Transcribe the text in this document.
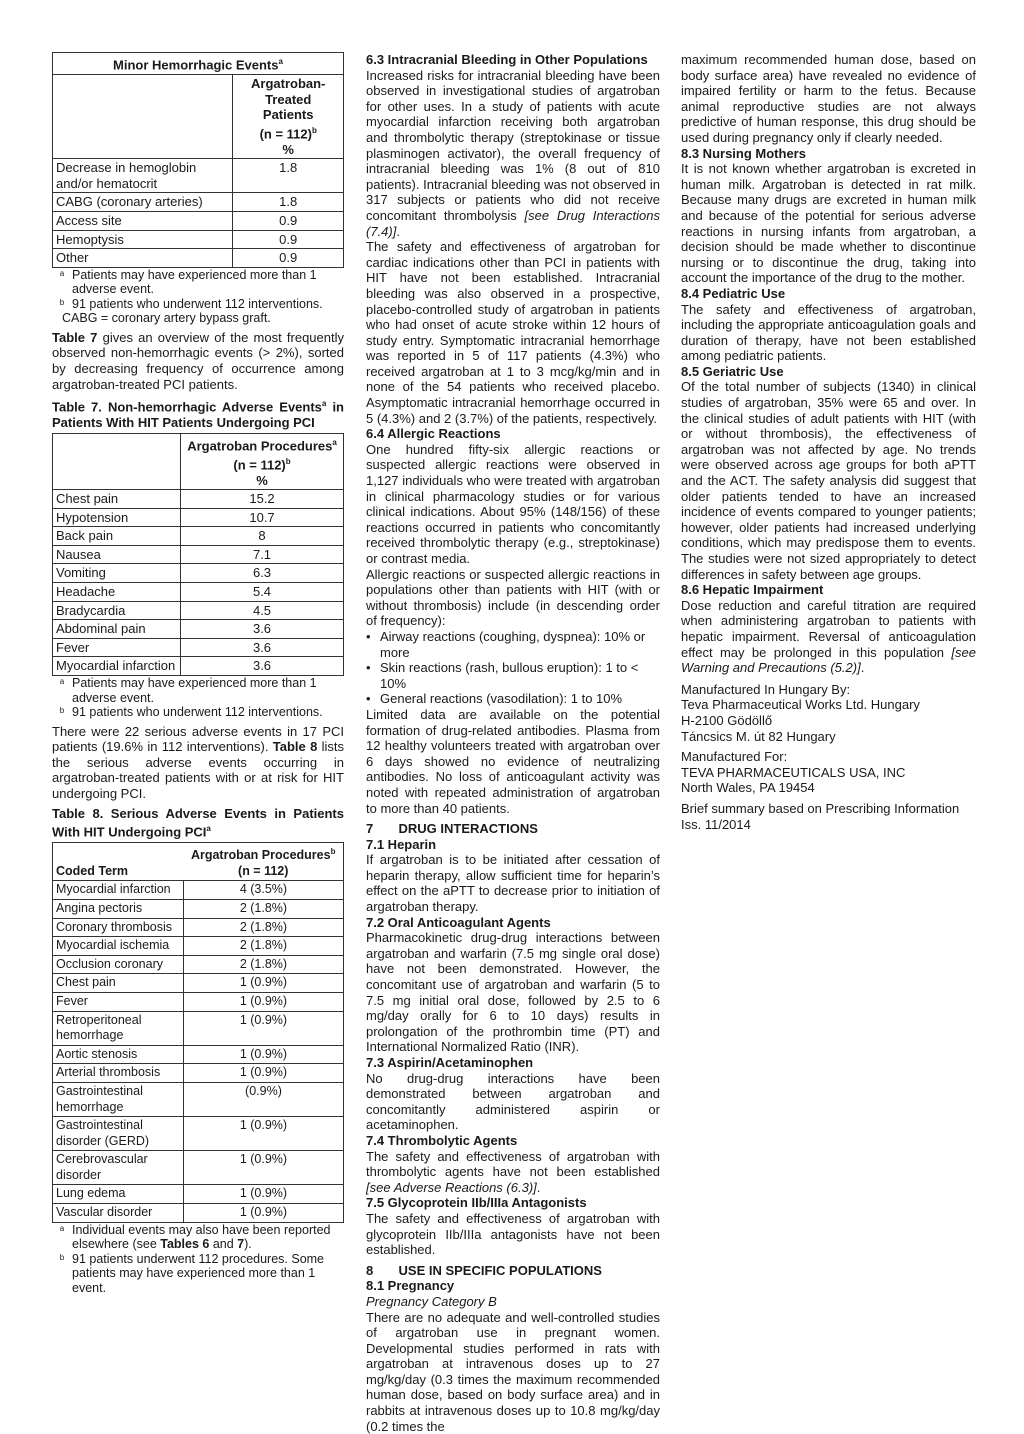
Minor Hemorrhagic Events$^a$

	Argatroban-Treated
Patients
(n = 112)$^b$
%

Decrease in hemoglobin and/or hematocrit	1.8
CABG (coronary arteries)	1.8
Access site	0.9
Hemoptysis	0.9
Other	0.9
a Patients may have experienced more than 1 adverse event.
b 91 patients who underwent 112 interventions.
CABG = coronary artery bypass graft.

Table 7 gives an overview of the most frequently observed non-hemorrhagic events (> 2%), sorted by decreasing frequency of occurrence among argatroban-treated PCI patients.

Table 7. Non-hemorrhagic Adverse Events$^a$ in Patients With HIT Patients Undergoing PCI

	Argatroban Procedures$^a$
(n = 112)$^b$
%

Chest pain	15.2
Hypotension	10.7
Back pain	8
Nausea	7.1
Vomiting	6.3
Headache	5.4
Bradycardia	4.5
Abdominal pain	3.6
Fever	3.6
Myocardial infarction	3.6
a Patients may have experienced more than 1 adverse event.
b 91 patients who underwent 112 interventions.

There were 22 serious adverse events in 17 PCI patients (19.6% in 112 interventions). Table 8 lists the serious adverse events occurring in argatroban-treated patients with or at risk for HIT undergoing PCI.

Table 8. Serious Adverse Events in Patients With HIT Undergoing PCI$^a$

Coded Term	Argatroban Procedures$^b$
(n = 112)

Myocardial infarction	4 (3.5%)
Angina pectoris	2 (1.8%)
Coronary thrombosis	2 (1.8%)
Myocardial ischemia	2 (1.8%)
Occlusion coronary	2 (1.8%)
Chest pain	1 (0.9%)
Fever	1 (0.9%)
Retroperitoneal hemorrhage	1 (0.9%)
Aortic stenosis	1 (0.9%)
Arterial thrombosis	1 (0.9%)
Gastrointestinal hemorrhage	(0.9%)
Gastrointestinal disorder (GERD)	1 (0.9%)
Cerebrovascular disorder	1 (0.9%)
Lung edema	1 (0.9%)
Vascular disorder	1 (0.9%)
a Individual events may also have been reported elsewhere (see Tables 6 and 7).
b 91 patients underwent 112 procedures. Some patients may have experienced more than 1 event.

6.3 Intracranial Bleeding in Other Populations

Increased risks for intracranial bleeding have been observed in investigational studies of argatroban for other uses. In a study of patients with acute myocardial infarction receiving both argatroban and thrombolytic therapy (streptokinase or tissue plasminogen activator), the overall frequency of intracranial bleeding was 1% (8 out of 810 patients). Intracranial bleeding was not observed in 317 subjects or patients who did not receive concomitant thrombolysis [see Drug Interactions (7.4)].

The safety and effectiveness of argatroban for cardiac indications other than PCI in patients with HIT have not been established. Intracranial bleeding was also observed in a prospective, placebo-controlled study of argatroban in patients who had onset of acute stroke within 12 hours of study entry. Symptomatic intracranial hemorrhage was reported in 5 of 117 patients (4.3%) who received argatroban at 1 to 3 mcg/kg/min and in none of the 54 patients who received placebo. Asymptomatic intracranial hemorrhage occurred in 5 (4.3%) and 2 (3.7%) of the patients, respectively.

6.4 Allergic Reactions

One hundred fifty-six allergic reactions or suspected allergic reactions were observed in 1,127 individuals who were treated with argatroban in clinical pharmacology studies or for various clinical indications. About 95% (148/156) of these reactions occurred in patients who concomitantly received thrombolytic therapy (e.g., streptokinase) or contrast media.

Allergic reactions or suspected allergic reactions in populations other than patients with HIT (with or without thrombosis) include (in descending order of frequency):

• Airway reactions (coughing, dyspnea): 10% or more
• Skin reactions (rash, bullous eruption): 1 to < 10%
• General reactions (vasodilation): 1 to 10%

Limited data are available on the potential formation of drug-related antibodies. Plasma from 12 healthy volunteers treated with argatroban over 6 days showed no evidence of neutralizing antibodies. No loss of anticoagulant activity was noted with repeated administration of argatroban to more than 40 patients.

7       DRUG INTERACTIONS

7.1 Heparin

If argatroban is to be initiated after cessation of heparin therapy, allow sufficient time for heparin’s effect on the aPTT to decrease prior to initiation of argatroban therapy.

7.2 Oral Anticoagulant Agents

Pharmacokinetic drug-drug interactions between argatroban and warfarin (7.5 mg single oral dose) have not been demonstrated. However, the concomitant use of argatroban and warfarin (5 to 7.5 mg initial oral dose, followed by 2.5 to 6 mg/day orally for 6 to 10 days) results in prolongation of the prothrombin time (PT) and International Normalized Ratio (INR).

7.3 Aspirin/Acetaminophen

No drug-drug interactions have been demonstrated between argatroban and concomitantly administered aspirin or acetaminophen.

7.4 Thrombolytic Agents

The safety and effectiveness of argatroban with thrombolytic agents have not been established [see Adverse Reactions (6.3)].

7.5 Glycoprotein IIb/IIIa Antagonists

The safety and effectiveness of argatroban with glycoprotein IIb/IIIa antagonists have not been established.

8       USE IN SPECIFIC POPULATIONS

8.1 Pregnancy

Pregnancy Category B

There are no adequate and well-controlled studies of argatroban use in pregnant women. Developmental studies performed in rats with argatroban at intravenous doses up to 27 mg/kg/day (0.3 times the maximum recommended human dose, based on body surface area) and in rabbits at intravenous doses up to 10.8 mg/kg/day (0.2 times the

maximum recommended human dose, based on body surface area) have revealed no evidence of impaired fertility or harm to the fetus. Because animal reproductive studies are not always predictive of human response, this drug should be used during pregnancy only if clearly needed.

8.3 Nursing Mothers

It is not known whether argatroban is excreted in human milk. Argatroban is detected in rat milk. Because many drugs are excreted in human milk and because of the potential for serious adverse reactions in nursing infants from argatroban, a decision should be made whether to discontinue nursing or to discontinue the drug, taking into account the importance of the drug to the mother.

8.4 Pediatric Use

The safety and effectiveness of argatroban, including the appropriate anticoagulation goals and duration of therapy, have not been established among pediatric patients.

8.5 Geriatric Use

Of the total number of subjects (1340) in clinical studies of argatroban, 35% were 65 and over. In the clinical studies of adult patients with HIT (with or without thrombosis), the effectiveness of argatroban was not affected by age. No trends were observed across age groups for both aPTT and the ACT. The safety analysis did suggest that older patients tended to have an increased incidence of events compared to younger patients; however, older patients had increased underlying conditions, which may predispose them to events. The studies were not sized appropriately to detect differences in safety between age groups.

8.6 Hepatic Impairment

Dose reduction and careful titration are required when administering argatroban to patients with hepatic impairment. Reversal of anticoagulation effect may be prolonged in this population [see Warning and Precautions (5.2)].

Manufactured In Hungary By:
Teva Pharmaceutical Works Ltd. Hungary
H-2100 Gödöllő
Táncsics M. út 82 Hungary
Manufactured For:
TEVA PHARMACEUTICALS USA, INC
North Wales, PA 19454

Brief summary based on Prescribing Information Iss. 11/2014
